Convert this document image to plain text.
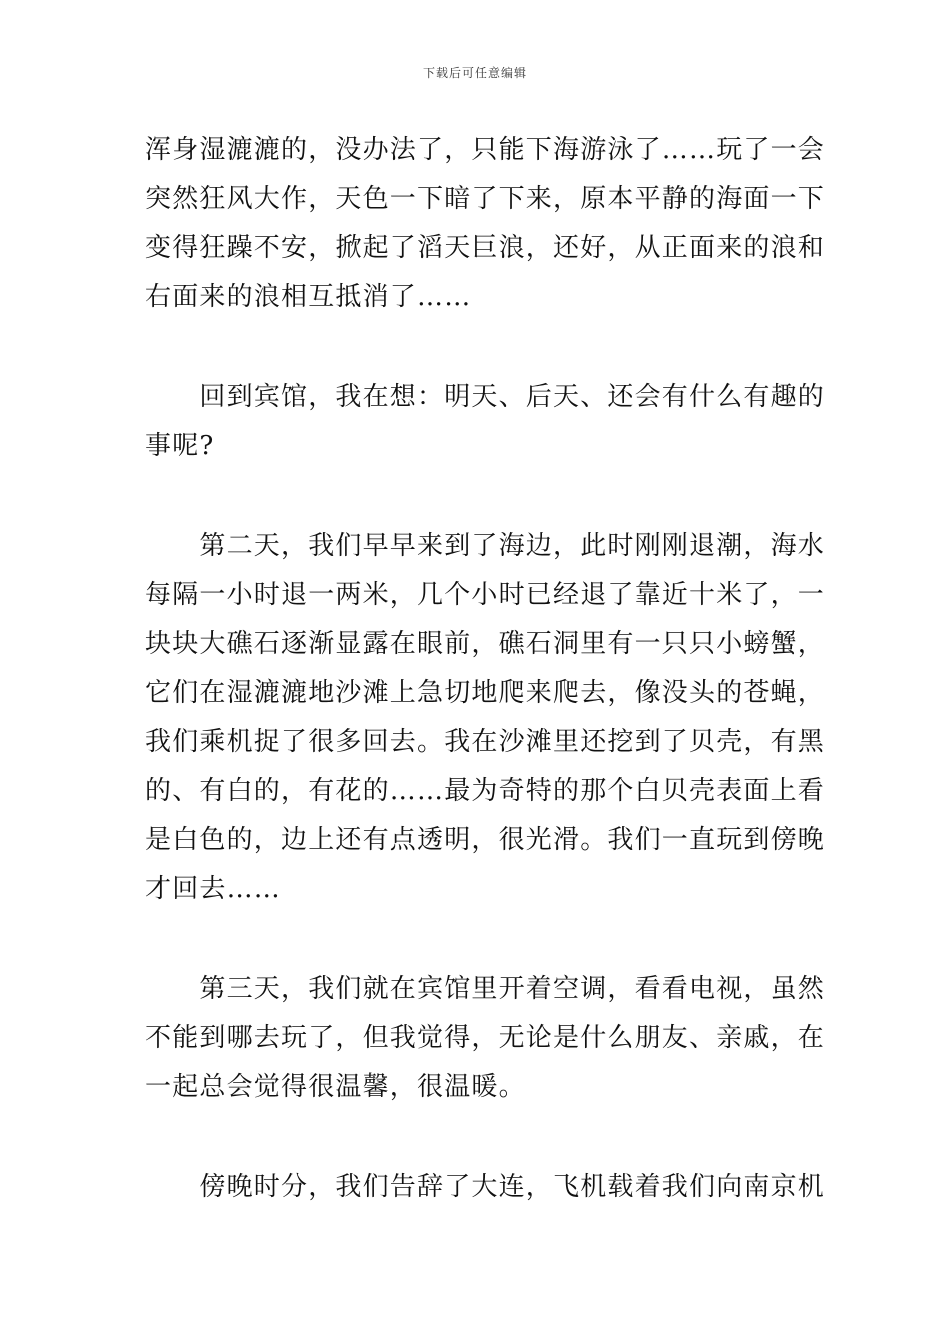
下载后可任意编辑
浑身湿漉漉的，没办法了，只能下海游泳了……玩了一会
突然狂风大作，天色一下暗了下来，原本平静的海面一下
变得狂躁不安，掀起了滔天巨浪，还好，从正面来的浪和
右面来的浪相互抵消了……
　　回到宾馆，我在想：明天、后天、还会有什么有趣的
事呢?
　　第二天，我们早早来到了海边，此时刚刚退潮，海水
每隔一小时退一两米，几个小时已经退了靠近十米了，一
块块大礁石逐渐显露在眼前，礁石洞里有一只只小螃蟹，
它们在湿漉漉地沙滩上急切地爬来爬去，像没头的苍蝇，
我们乘机捉了很多回去。我在沙滩里还挖到了贝壳，有黑
的、有白的，有花的……最为奇特的那个白贝壳表面上看
是白色的，边上还有点透明，很光滑。我们一直玩到傍晚
才回去……
　　第三天，我们就在宾馆里开着空调，看看电视，虽然
不能到哪去玩了，但我觉得，无论是什么朋友、亲戚，在
一起总会觉得很温馨，很温暖。
　　傍晚时分，我们告辞了大连，飞机载着我们向南京机
